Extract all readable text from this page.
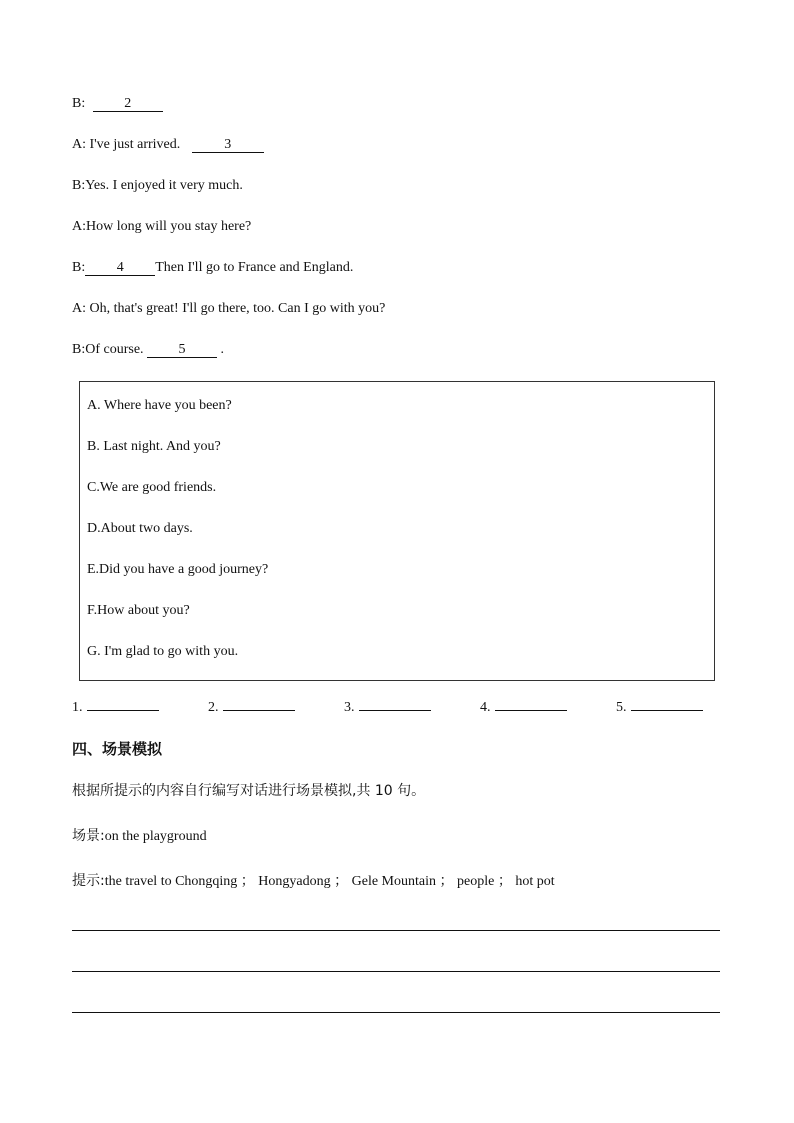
B:	2
A: I've just arrived.	3
B:Yes. I enjoyed it very much.
A:How long will you stay here?
B: 4 Then I'll go to France and England.
A: Oh, that's great! I'll go there, too. Can I go with you?
B:Of course. 5 .
A. Where have you been?
B. Last night. And you?
C.We are good friends.
D.About two days.
E.Did you have a good journey?
F.How about you?
G. I'm glad to go with you.
1.	2.	3.	4.	5.
四、场景模拟
根据所提示的内容自行编写对话进行场景模拟,共 10 句。
场景:on the playground
提示:the travel to Chongqing ； Hongyadong ； Gele Mountain ； people ； hot pot
